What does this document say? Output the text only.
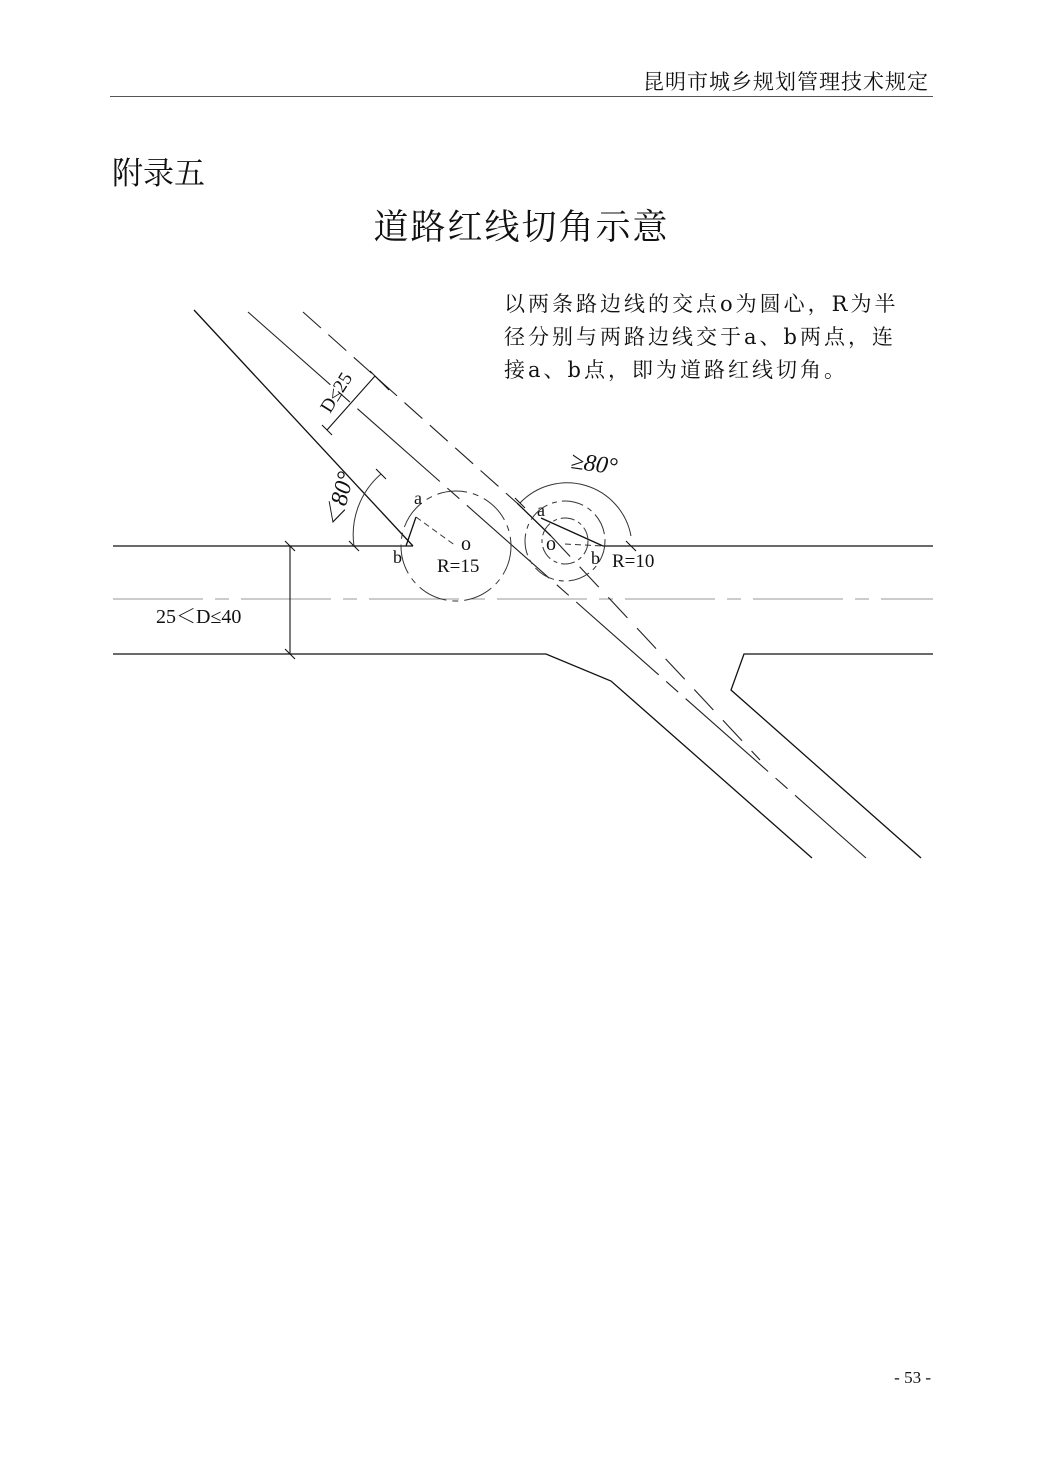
昆明市城乡规划管理技术规定
附录五
道路红线切角示意
以两条路边线的交点o为圆心，R为半
径分别与两路边线交于a、b两点，连
接a、b点，即为道路红线切角。
D≤25
25＜D≤40
＜80°
≥80°
R=15	R=10
a
b
o
a
b
o
- 53 -
